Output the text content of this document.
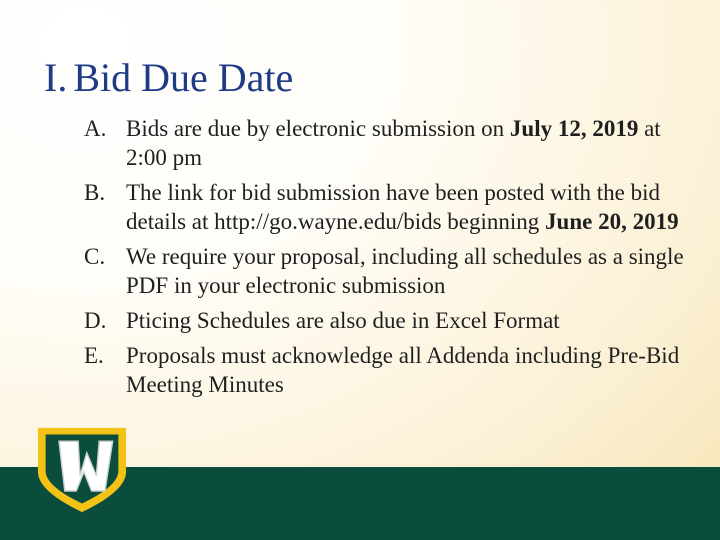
I. Bid Due Date
A. Bids are due by electronic submission on July 12, 2019 at 2:00 pm
B. The link for bid submission have been posted with the bid details at http://go.wayne.edu/bids beginning June 20, 2019
C. We require your proposal, including all schedules as a single PDF in your electronic submission
D. Pticing Schedules are also due in Excel Format
E. Proposals must acknowledge all Addenda including Pre-Bid Meeting Minutes
